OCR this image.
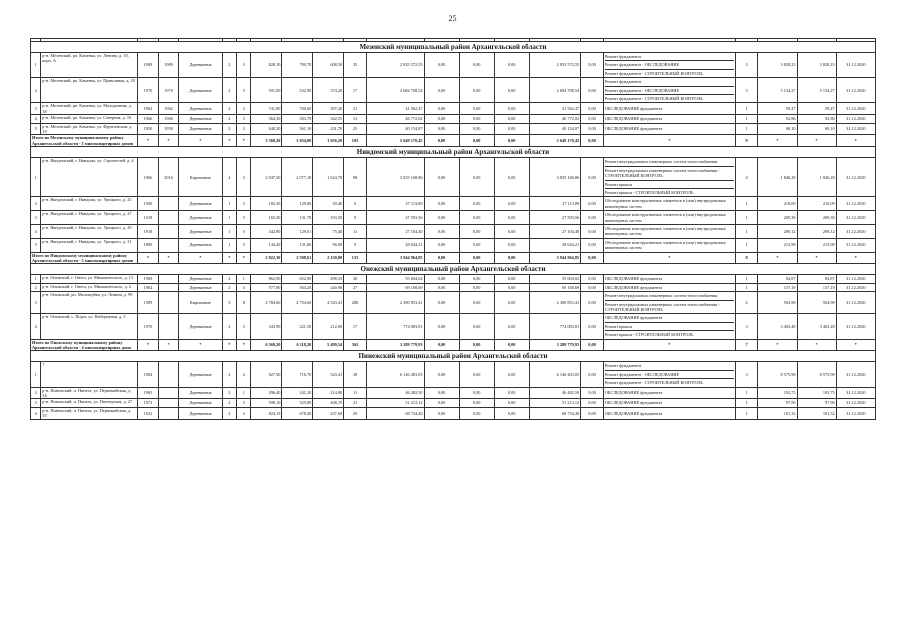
25

Мезенский муниципальный район Архангельской области																					
1	р-н. Мезенский, рп. Каменка, ул. Ленина, д. 10, корп. А	1989	1989	Деревянные	2	3	828,10	780,70	608,50	35	2 835 572,55	0,00	0,00	0,00	2 835 572,55	0,00	Ремонт фундамента
Ремонт фундамента - ОБСЛЕДОВАНИЕ
Ремонт фундамента - СТРОИТЕЛЬНЫЙ КОНТРОЛЬ	3	3 828,23	3 828,23	31.12.2020
2	р-н. Мезенский, рп. Каменка, ул. Правошная, д. 29	1970	1970	Деревянные	2	3	591,00	532,90	374,20	17	2 684 708,54	0,00	0,00	0,00	2 684 708,54	0,00	Ремонт фундамента
Ремонт фундамента - ОБСЛЕДОВАНИЕ
Ремонт фундамента - СТРОИТЕЛЬНЫЙ КОНТРОЛЬ	3	5 134,27	5 134,27	31.12.2020
3	р-н. Мезенский, рп. Каменка, ул. Молодежная, д. 38	1962	1962	Деревянные	2	2	741,80	700,60	307,20	21	41 562,47	0,00	0,00	0,00	41 562,47	0,00	ОБСЛЕДОВАНИЕ фундамента	1	59,47	59,47	31.12.2020
4	р-н. Мезенский, рп. Каменка, ул. Северная, д. 16	1966	1966	Деревянные	2	3	564,30	503,70	342,55	13	46 772,02	0,00	0,00	0,00	46 772,02	0,00	ОБСЛЕДОВАНИЕ фундамента	1	92,86	92,86	31.12.2020
5	р-н. Мезенский, рп. Каменка, ул. Фрунзенская, д. 19	1950	1950	Деревянные	2	2	648,20	561,10	231,70	25	40 154,87	0,00	0,00	0,00	40 154,87	0,00	ОБСЛЕДОВАНИЕ фундамента	1	68,10	68,10	31.12.2020
Итого по Мезенскому муниципальному району Архангельской области - 5 многоквартирных домов		*	*	*	*	*	3 368,20	3 054,00	1 656,20	103	5 649 170,45	0,00	0,00	0,00	5 649 170,45	0,00	*	9	*	*	*
Няндомский муниципальный район Архангельской области																					
1	р-н. Няндомский, г. Няндома, ул. Строителей, д. 4	1966	2016	Кирпичные	4	3	2 047,50	2 077,10	1 624,70	98	3 835 168,86	0,00	0,00	0,00	3 835 168,86	0,00	Ремонт внутридомовых инженерных систем теплоснабжения
Ремонт внутридомовых инженерных систем теплоснабжения - СТРОИТЕЛЬНЫЙ КОНТРОЛЬ
Ремонт крыши
Ремонт крыши - СТРОИТЕЛЬНЫЙ КОНТРОЛЬ	4	1 846,28	1 846,28	31.12.2020
2	р-н. Няндомский, г. Няндома, ул. Урицкого, д. 25	1900		Деревянные	1	3	182,30	129,06	50,40	6	27 113,89	0,00	0,00	0,00	27 113,89	0,00	Обследование конструктивных элементов и (или) внутридомовых инженерных систем	1	210,09	210,09	31.12.2020
3	р-н. Няндомский, г. Няндома, ул. Урицкого, д. 27	1918		Деревянные	1	5	165,30	131,78	103,50	9	27 593,56	0,00	0,00	0,00	27 593,56	0,00	Обследование конструктивных элементов и (или) внутридомовых инженерных систем	1	209,39	209,39	31.12.2020
4	р-н. Няндомский, г. Няндома, ул. Урицкого, д. 29	1918		Деревянные	1	5	342,80	129,61	75,40	11	27 104,40	0,00	0,00	0,00	27 104,40	0,00	Обследование конструктивных элементов и (или) внутридомовых инженерных систем	1	209,12	209,12	31.12.2020
5	р-н. Няндомский, г. Няндома, ул. Урицкого, д. 31	1890		Деревянные	1	5	144,40	131,06	96,00	9	28 044,21	0,00	0,00	0,00	28 044,21	0,00	Обследование конструктивных элементов и (или) внутридомовых инженерных систем	1	213,98	213,98	31.12.2020
Итого по Няндомскому муниципальному району Архангельской области - 5 многоквартирных домов		*	*	*	*	*	2 822,30	2 598,61	2 150,00	133	3 944 964,85	0,00	0,00	0,00	3 944 964,85	0,00	*	8	*	*	*
Онежский муниципальный район Архангельской области																					
1	р-н. Онежский, г. Онега, ул. Мимошенского, д. 13	1969		Деревянные	2	1	862,90	652,90	298,33	30	55 604,02	0,00	0,00	0,00	55 604,02	0,00	ОБСЛЕДОВАНИЕ фундамента	1	84,87	84,87	31.12.2020
2	р-н. Онежский, г. Онега, ул. Мимошенского, д. 2	1964		Деревянные	2	3	577,80	504,20	240,90	27	69 168,69	0,00	0,00	0,00	69 168,69	0,00	ОБСЛЕДОВАНИЕ фундамента	1	137,19	137,19	31.12.2020
3	р-н. Онежский, рп. Малошуйка, ул. Ленина, д. 99	1989		Кирпичные	5	8	4 784,60	4 754,60	4 543,41	288	2 390 853,41	0,00	0,00	0,00	2 390 853,41	0,00	Ремонт внутридомовых инженерных систем теплоснабжения
Ремонт внутридомовых инженерных систем теплоснабжения - СТРОИТЕЛЬНЫЙ КОНТРОЛЬ	2	504,98	504,98	31.12.2020
4	р-н. Онежский, с. Порог, ул. Набережная, д. 3	1970		Деревянные	2	3	343,90	221,50	212,00	17	774 083,81	0,00	0,00	0,00	774 083,81	0,00	ОБСЛЕДОВАНИЕ фундамента
Ремонт крыши
Ремонт крыши - СТРОИТЕЛЬНЫЙ КОНТРОЛЬ	3	3 463,48	3 463,48	31.12.2020
Итого по Онежскому муниципальному району Архангельской области - 4 многоквартирных дома		*	*	*	*	*	6 569,20	6 118,20	5 499,54	362	3 289 779,93	0,00	0,00	0,00	3 289 779,93	0,00	*	7	*	*	*
Пинежский муниципальный район Архангельской области																					
1	7	1984		Деревянные	2	2	827,90	716,70	543,41	38	6 146 403,05	0,00	0,00	0,00	6 146 403,05	0,00	Ремонт фундамента
Ремонт фундамента - ОБСЛЕДОВАНИЕ
Ремонт фундамента - СТРОИТЕЛЬНЫЙ КОНТРОЛЬ	3	8 575,98	8 575,98	31.12.2020
2	р-н. Пинежский, п. Пинега, ул. Первомайская, д. 34	1965		Деревянные	2	1	296,40	241,20	214,80	11	46 482,50	0,00	0,00	0,00	46 482,50	0,00	ОБСЛЕДОВАНИЕ фундамента	1	192,75	192,75	31.12.2020
3	р-н. Пинежский, п. Пинега, ул. Пионерская, д. 27	1972		Деревянные	2	3	598,10	525,80	408,19	21	51 213,12	0,00	0,00	0,00	51 213,12	0,00	ОБСЛЕДОВАНИЕ фундамента	1	97,96	97,96	31.12.2020
4	р-н. Пинежский, п. Пинега, ул. Первомайская, д. 55	1922		Деревянные	2	2	824,19	678,40	437,60	29	68 734,48	0,00	0,00	0,00	68 734,48	0,00	ОБСЛЕДОВАНИЕ фундамента	1	101,32	101,32	31.12.2020
